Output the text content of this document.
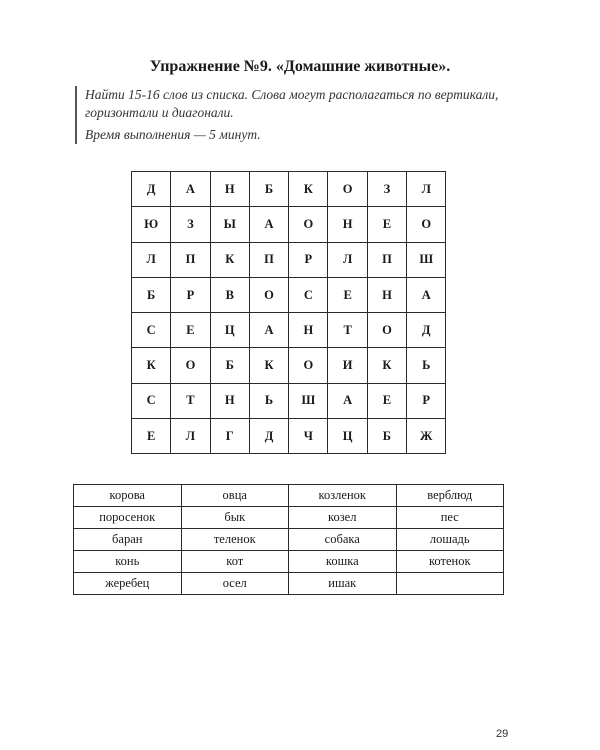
Упражнение №9. «Домашние животные».
Найти 15-16 слов из списка. Слова могут располагаться по вертикали,
горизонтали и диагонали.
Время выполнения — 5 минут.
Д	А	Н	Б	К	О	З	Л
Ю	З	Ы	А	О	Н	Е	О
Л	П	К	П	Р	Л	П	Ш
Б	Р	В	О	С	Е	Н	А
С	Е	Ц	А	Н	Т	О	Д
К	О	Б	К	О	И	К	Ь
С	Т	Н	Ь	Ш	А	Е	Р
Е	Л	Г	Д	Ч	Ц	Б	Ж
корова	овца	козленок	верблюд
поросенок	бык	козел	пес
баран	теленок	собака	лошадь
конь	кот	кошка	котенок
жеребец	осел	ишак	
29
